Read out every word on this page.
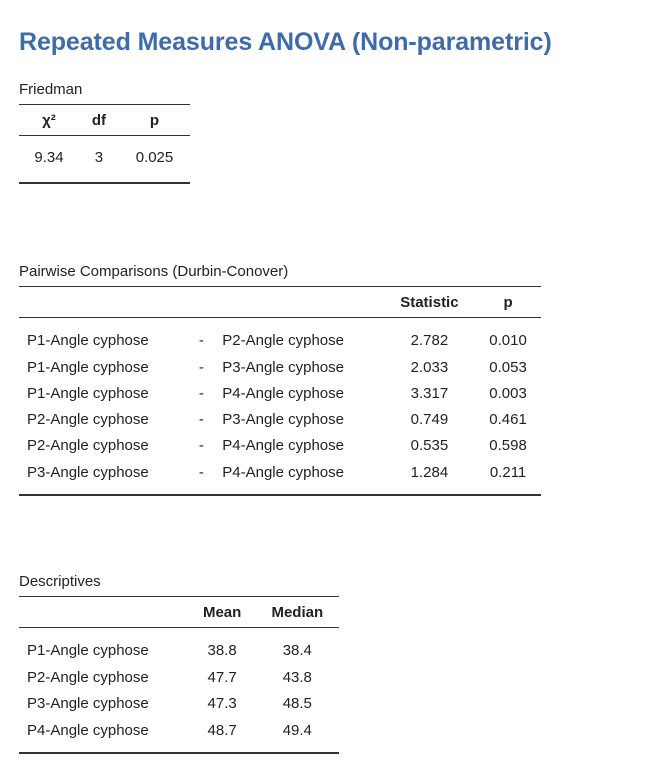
Repeated Measures ANOVA (Non-parametric)
Friedman
χ²	df	p
9.34	3	0.025
Pairwise Comparisons (Durbin-Conover)
			Statistic	p
P1-Angle cyphose	-	P2-Angle cyphose	2.782	0.010
P1-Angle cyphose	-	P3-Angle cyphose	2.033	0.053
P1-Angle cyphose	-	P4-Angle cyphose	3.317	0.003
P2-Angle cyphose	-	P3-Angle cyphose	0.749	0.461
P2-Angle cyphose	-	P4-Angle cyphose	0.535	0.598
P3-Angle cyphose	-	P4-Angle cyphose	1.284	0.211
Descriptives
	Mean	Median
P1-Angle cyphose	38.8	38.4
P2-Angle cyphose	47.7	43.8
P3-Angle cyphose	47.3	48.5
P4-Angle cyphose	48.7	49.4
